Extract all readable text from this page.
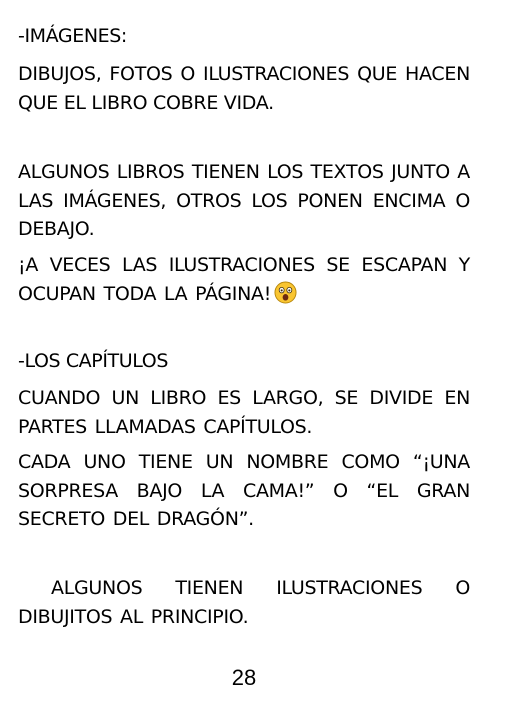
-IMÁGENES:
DIBUJOS, FOTOS O ILUSTRACIONES QUE HACEN QUE EL LIBRO COBRE VIDA.
ALGUNOS LIBROS TIENEN LOS TEXTOS JUNTO A LAS IMÁGENES, OTROS LOS PONEN ENCIMA O DEBAJO.
¡A VECES LAS ILUSTRACIONES SE ESCAPAN Y OCUPAN TODA LA PÁGINA!
-LOS CAPÍTULOS
CUANDO UN LIBRO ES LARGO, SE DIVIDE EN PARTES LLAMADAS CAPÍTULOS.
CADA UNO TIENE UN NOMBRE COMO “¡UNA SORPRESA BAJO LA CAMA!” O “EL GRAN SECRETO DEL DRAGÓN”.
ALGUNOS TIENEN ILUSTRACIONES O DIBUJITOS AL PRINCIPIO.
28
